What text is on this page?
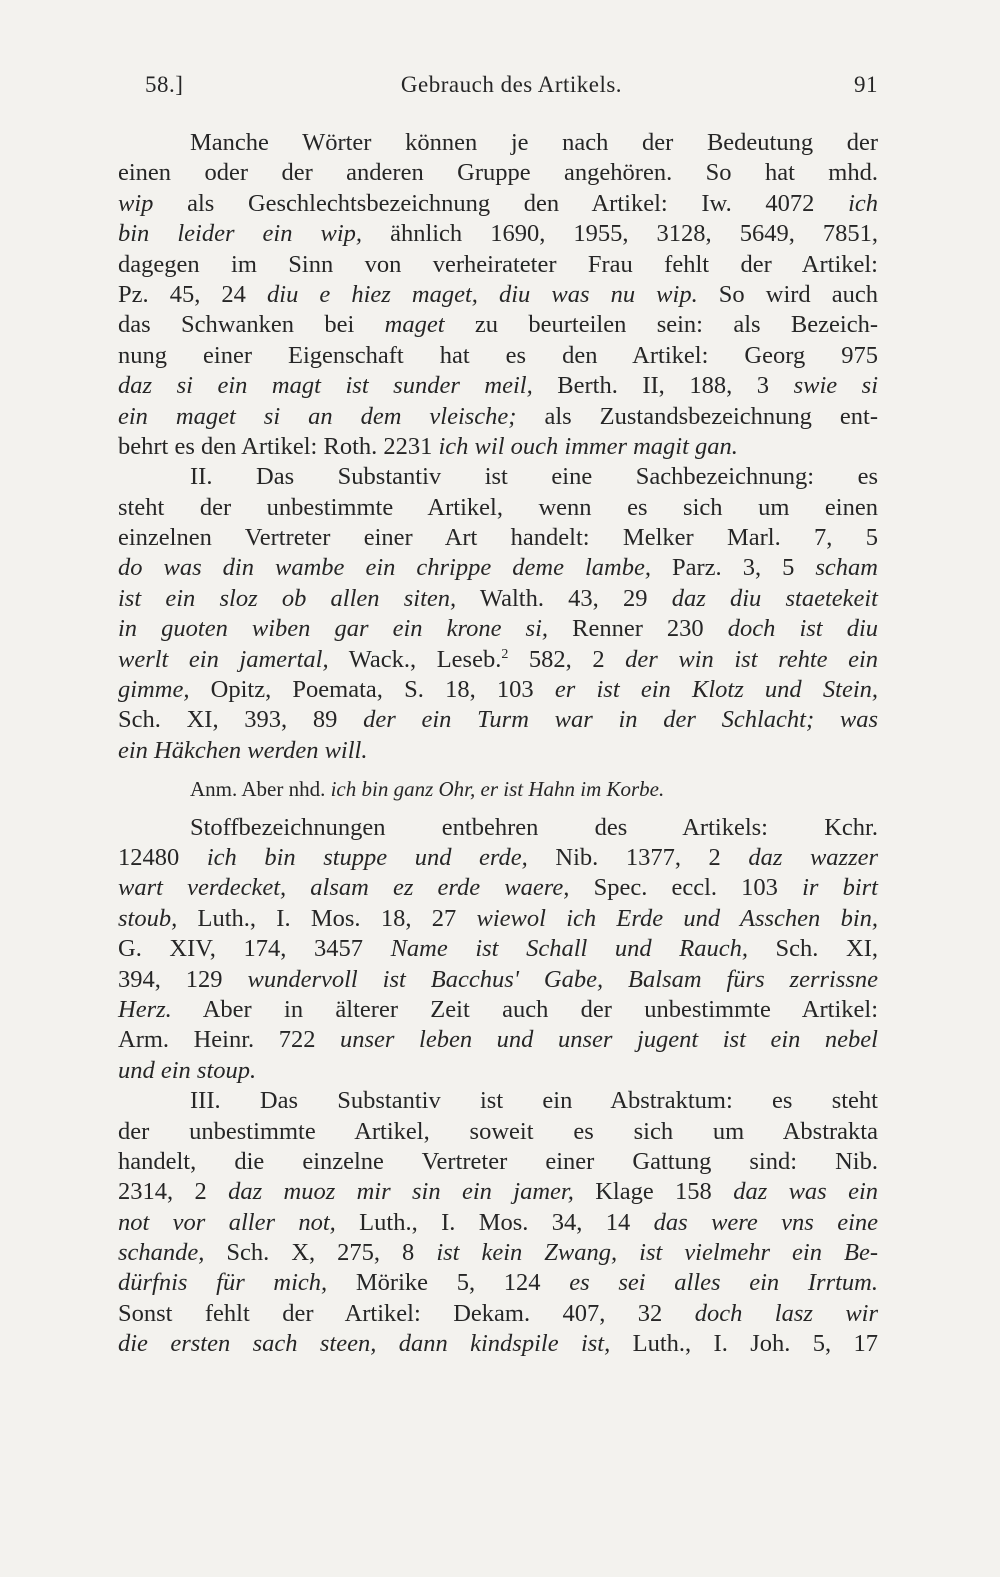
58.]	Gebrauch des Artikels.	91
Manche Wörter können je nach der Bedeutung der
einen oder der anderen Gruppe angehören. So hat mhd.
wip als Geschlechtsbezeichnung den Artikel: Iw. 4072 ich
bin leider ein wip, ähnlich 1690, 1955, 3128, 5649, 7851,
dagegen im Sinn von verheirateter Frau fehlt der Artikel:
Pz. 45, 24 diu e hiez maget, diu was nu wip. So wird auch
das Schwanken bei maget zu beurteilen sein: als Bezeich-
nung einer Eigenschaft hat es den Artikel: Georg 975
daz si ein magt ist sunder meil, Berth. II, 188, 3 swie si
ein maget si an dem vleische; als Zustandsbezeichnung ent-
behrt es den Artikel: Roth. 2231 ich wil ouch immer magit gan.
II. Das Substantiv ist eine Sachbezeichnung: es
steht der unbestimmte Artikel, wenn es sich um einen
einzelnen Vertreter einer Art handelt: Melker Marl. 7, 5
do was din wambe ein chrippe deme lambe, Parz. 3, 5 scham
ist ein sloz ob allen siten, Walth. 43, 29 daz diu staetekeit
in guoten wiben gar ein krone si, Renner 230 doch ist diu
werlt ein jamertal, Wack., Leseb.$^2$ 582, 2 der win ist rehte ein
gimme, Opitz, Poemata, S. 18, 103 er ist ein Klotz und Stein,
Sch. XI, 393, 89 der ein Turm war in der Schlacht; was
ein Häkchen werden will.
Anm. Aber nhd. ich bin ganz Ohr, er ist Hahn im Korbe.
Stoffbezeichnungen entbehren des Artikels: Kchr.
12480 ich bin stuppe und erde, Nib. 1377, 2 daz wazzer
wart verdecket, alsam ez erde waere, Spec. eccl. 103 ir birt
stoub, Luth., I. Mos. 18, 27 wiewol ich Erde und Asschen bin,
G. XIV, 174, 3457 Name ist Schall und Rauch, Sch. XI,
394, 129 wundervoll ist Bacchus' Gabe, Balsam fürs zerrissne
Herz. Aber in älterer Zeit auch der unbestimmte Artikel:
Arm. Heinr. 722 unser leben und unser jugent ist ein nebel
und ein stoup.
III. Das Substantiv ist ein Abstraktum: es steht
der unbestimmte Artikel, soweit es sich um Abstrakta
handelt, die einzelne Vertreter einer Gattung sind: Nib.
2314, 2 daz muoz mir sin ein jamer, Klage 158 daz was ein
not vor aller not, Luth., I. Mos. 34, 14 das were vns eine
schande, Sch. X, 275, 8 ist kein Zwang, ist vielmehr ein Be-
dürfnis für mich, Mörike 5, 124 es sei alles ein Irrtum.
Sonst fehlt der Artikel: Dekam. 407, 32 doch lasz wir
die ersten sach steen, dann kindspile ist, Luth., I. Joh. 5, 17
